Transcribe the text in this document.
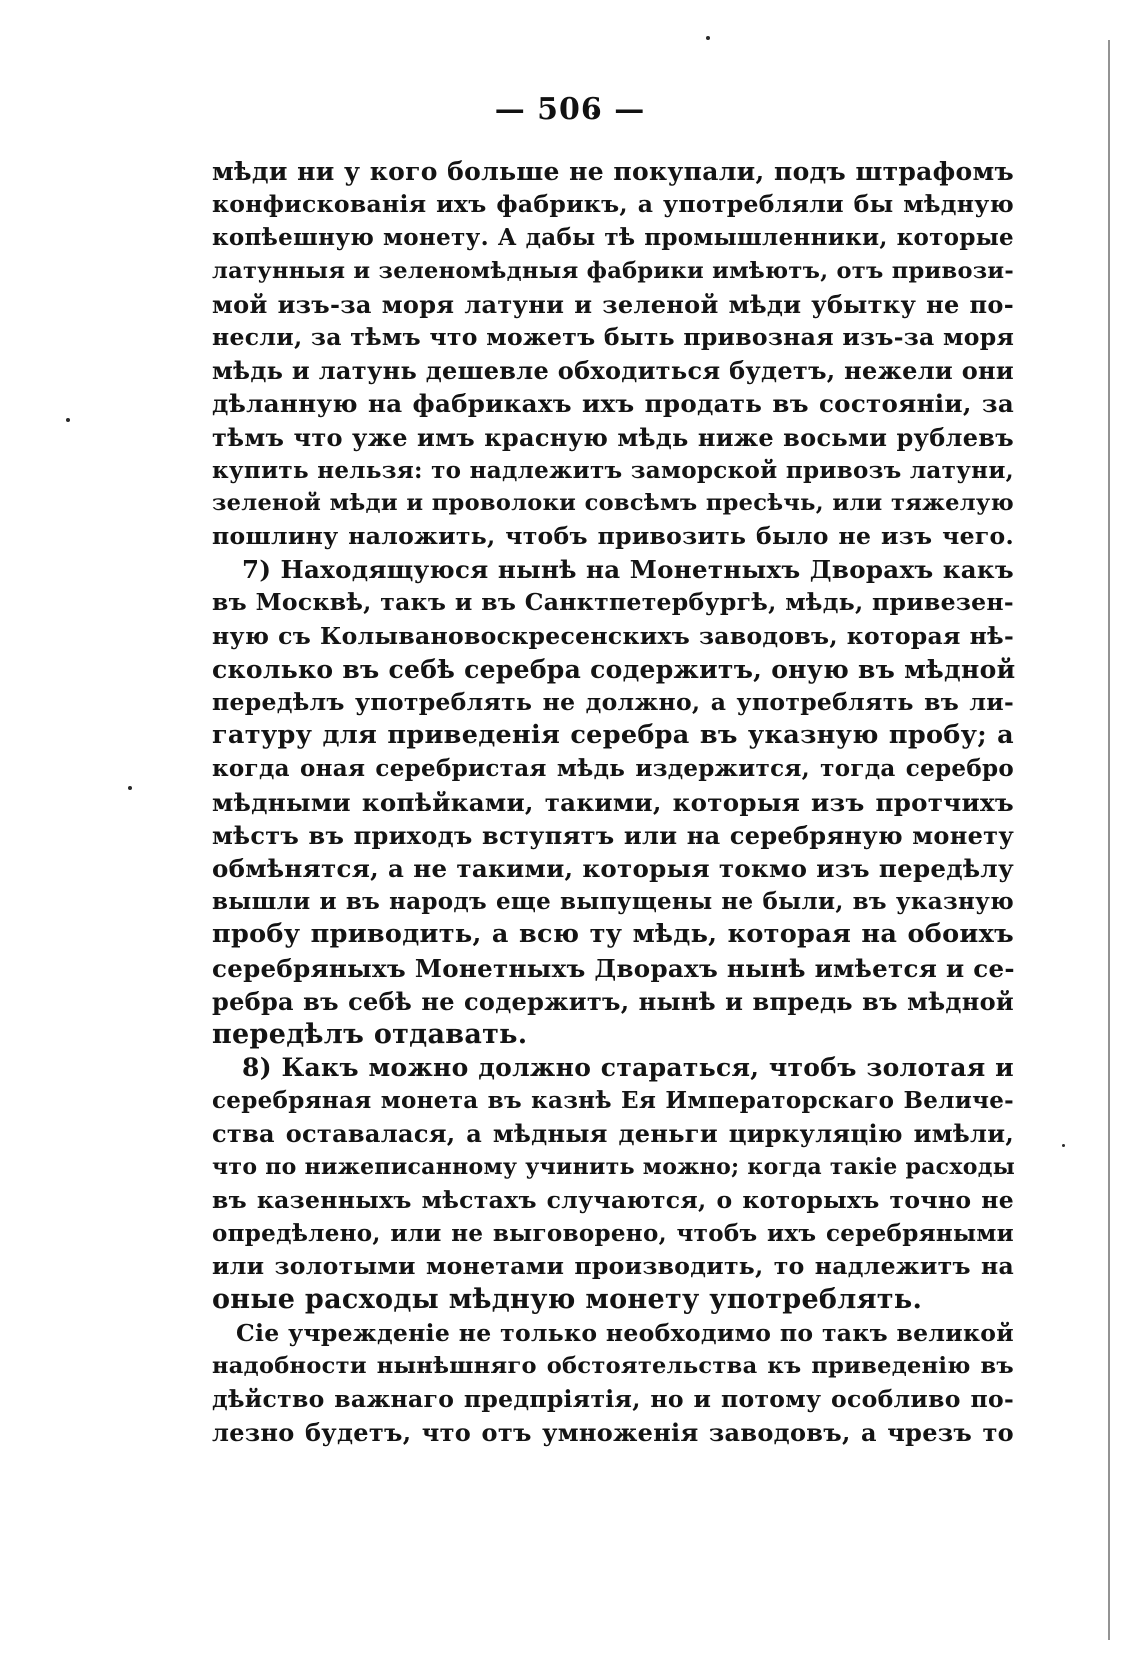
— 506 —
мѣди ни у кого больше не покупали, подъ штрафомъ
конфискованія ихъ фабрикъ, а употребляли бы мѣдную
копѣешную монету. А дабы тѣ промышленники, которые
латунныя и зеленомѣдныя фабрики имѣютъ, отъ привози-
мой изъ-за моря латуни и зеленой мѣди убытку не по-
несли, за тѣмъ что можетъ быть привозная изъ-за моря
мѣдь и латунь дешевле обходиться будетъ, нежели они
дѣланную на фабрикахъ ихъ продать въ состояніи, за
тѣмъ что уже имъ красную мѣдь ниже восьми рублевъ
купить нельзя: то надлежитъ заморской привозъ латуни,
зеленой мѣди и проволоки совсѣмъ пресѣчь, или тяжелую
пошлину наложить, чтобъ привозить было не изъ чего.
7) Находящуюся нынѣ на Монетныхъ Дворахъ какъ
въ Москвѣ, такъ и въ Санктпетербургѣ, мѣдь, привезен-
ную съ Колывановоскресенскихъ заводовъ, которая нѣ-
сколько въ себѣ серебра содержитъ, оную въ мѣдной
передѣлъ употреблять не должно, а употреблять въ ли-
гатуру для приведенія серебра въ указную пробу; а
когда оная серебристая мѣдь издержится, тогда серебро
мѣдными копѣйками, такими, которыя изъ протчихъ
мѣстъ въ приходъ вступятъ или на серебряную монету
обмѣнятся, а не такими, которыя токмо изъ передѣлу
вышли и въ народъ еще выпущены не были, въ указную
пробу приводить, а всю ту мѣдь, которая на обоихъ
серебряныхъ Монетныхъ Дворахъ нынѣ имѣется и се-
ребра въ себѣ не содержитъ, нынѣ и впредь въ мѣдной
передѣлъ отдавать.
8) Какъ можно должно стараться, чтобъ золотая и
серебряная монета въ казнѣ Ея Императорскаго Величе-
ства оставалася, а мѣдныя деньги циркуляцію имѣли,
что по нижеписанному учинить можно; когда такіе расходы
въ казенныхъ мѣстахъ случаются, о которыхъ точно не
опредѣлено, или не выговорено, чтобъ ихъ серебряными
или золотыми монетами производить, то надлежитъ на
оные расходы мѣдную монету употреблять.
Сіе учрежденіе не только необходимо по такъ великой
надобности нынѣшняго обстоятельства къ приведенію въ
дѣйство важнаго предпріятія, но и потому особливо по-
лезно будетъ, что отъ умноженія заводовъ, а чрезъ то
